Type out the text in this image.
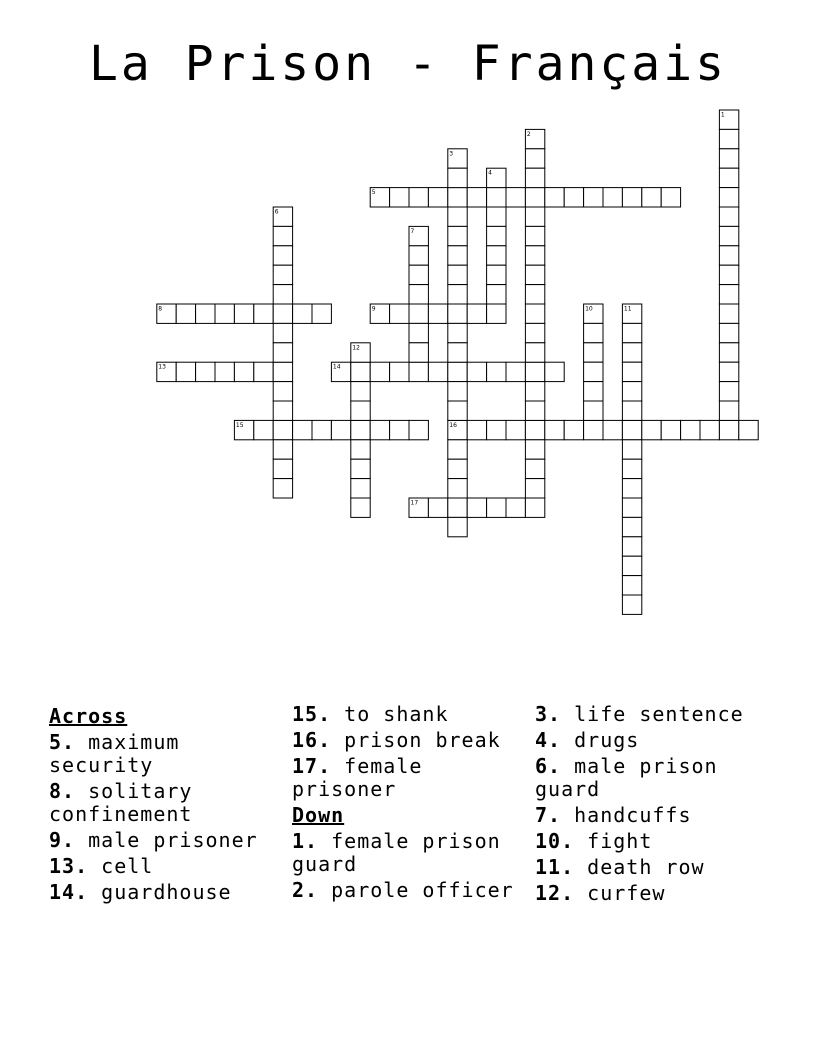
La Prison - Français
5
8	9
13	14
15	16
17
1
2
3
4
6
7
10	11
12
Across
5. maximum security
8. solitary confinement
9. male prisoner
13. cell
14. guardhouse
15. to shank
16. prison break
17. female prisoner
Down
1. female prison guard
2. parole officer
3. life sentence
4. drugs
6. male prison guard
7. handcuffs
10. fight
11. death row
12. curfew
